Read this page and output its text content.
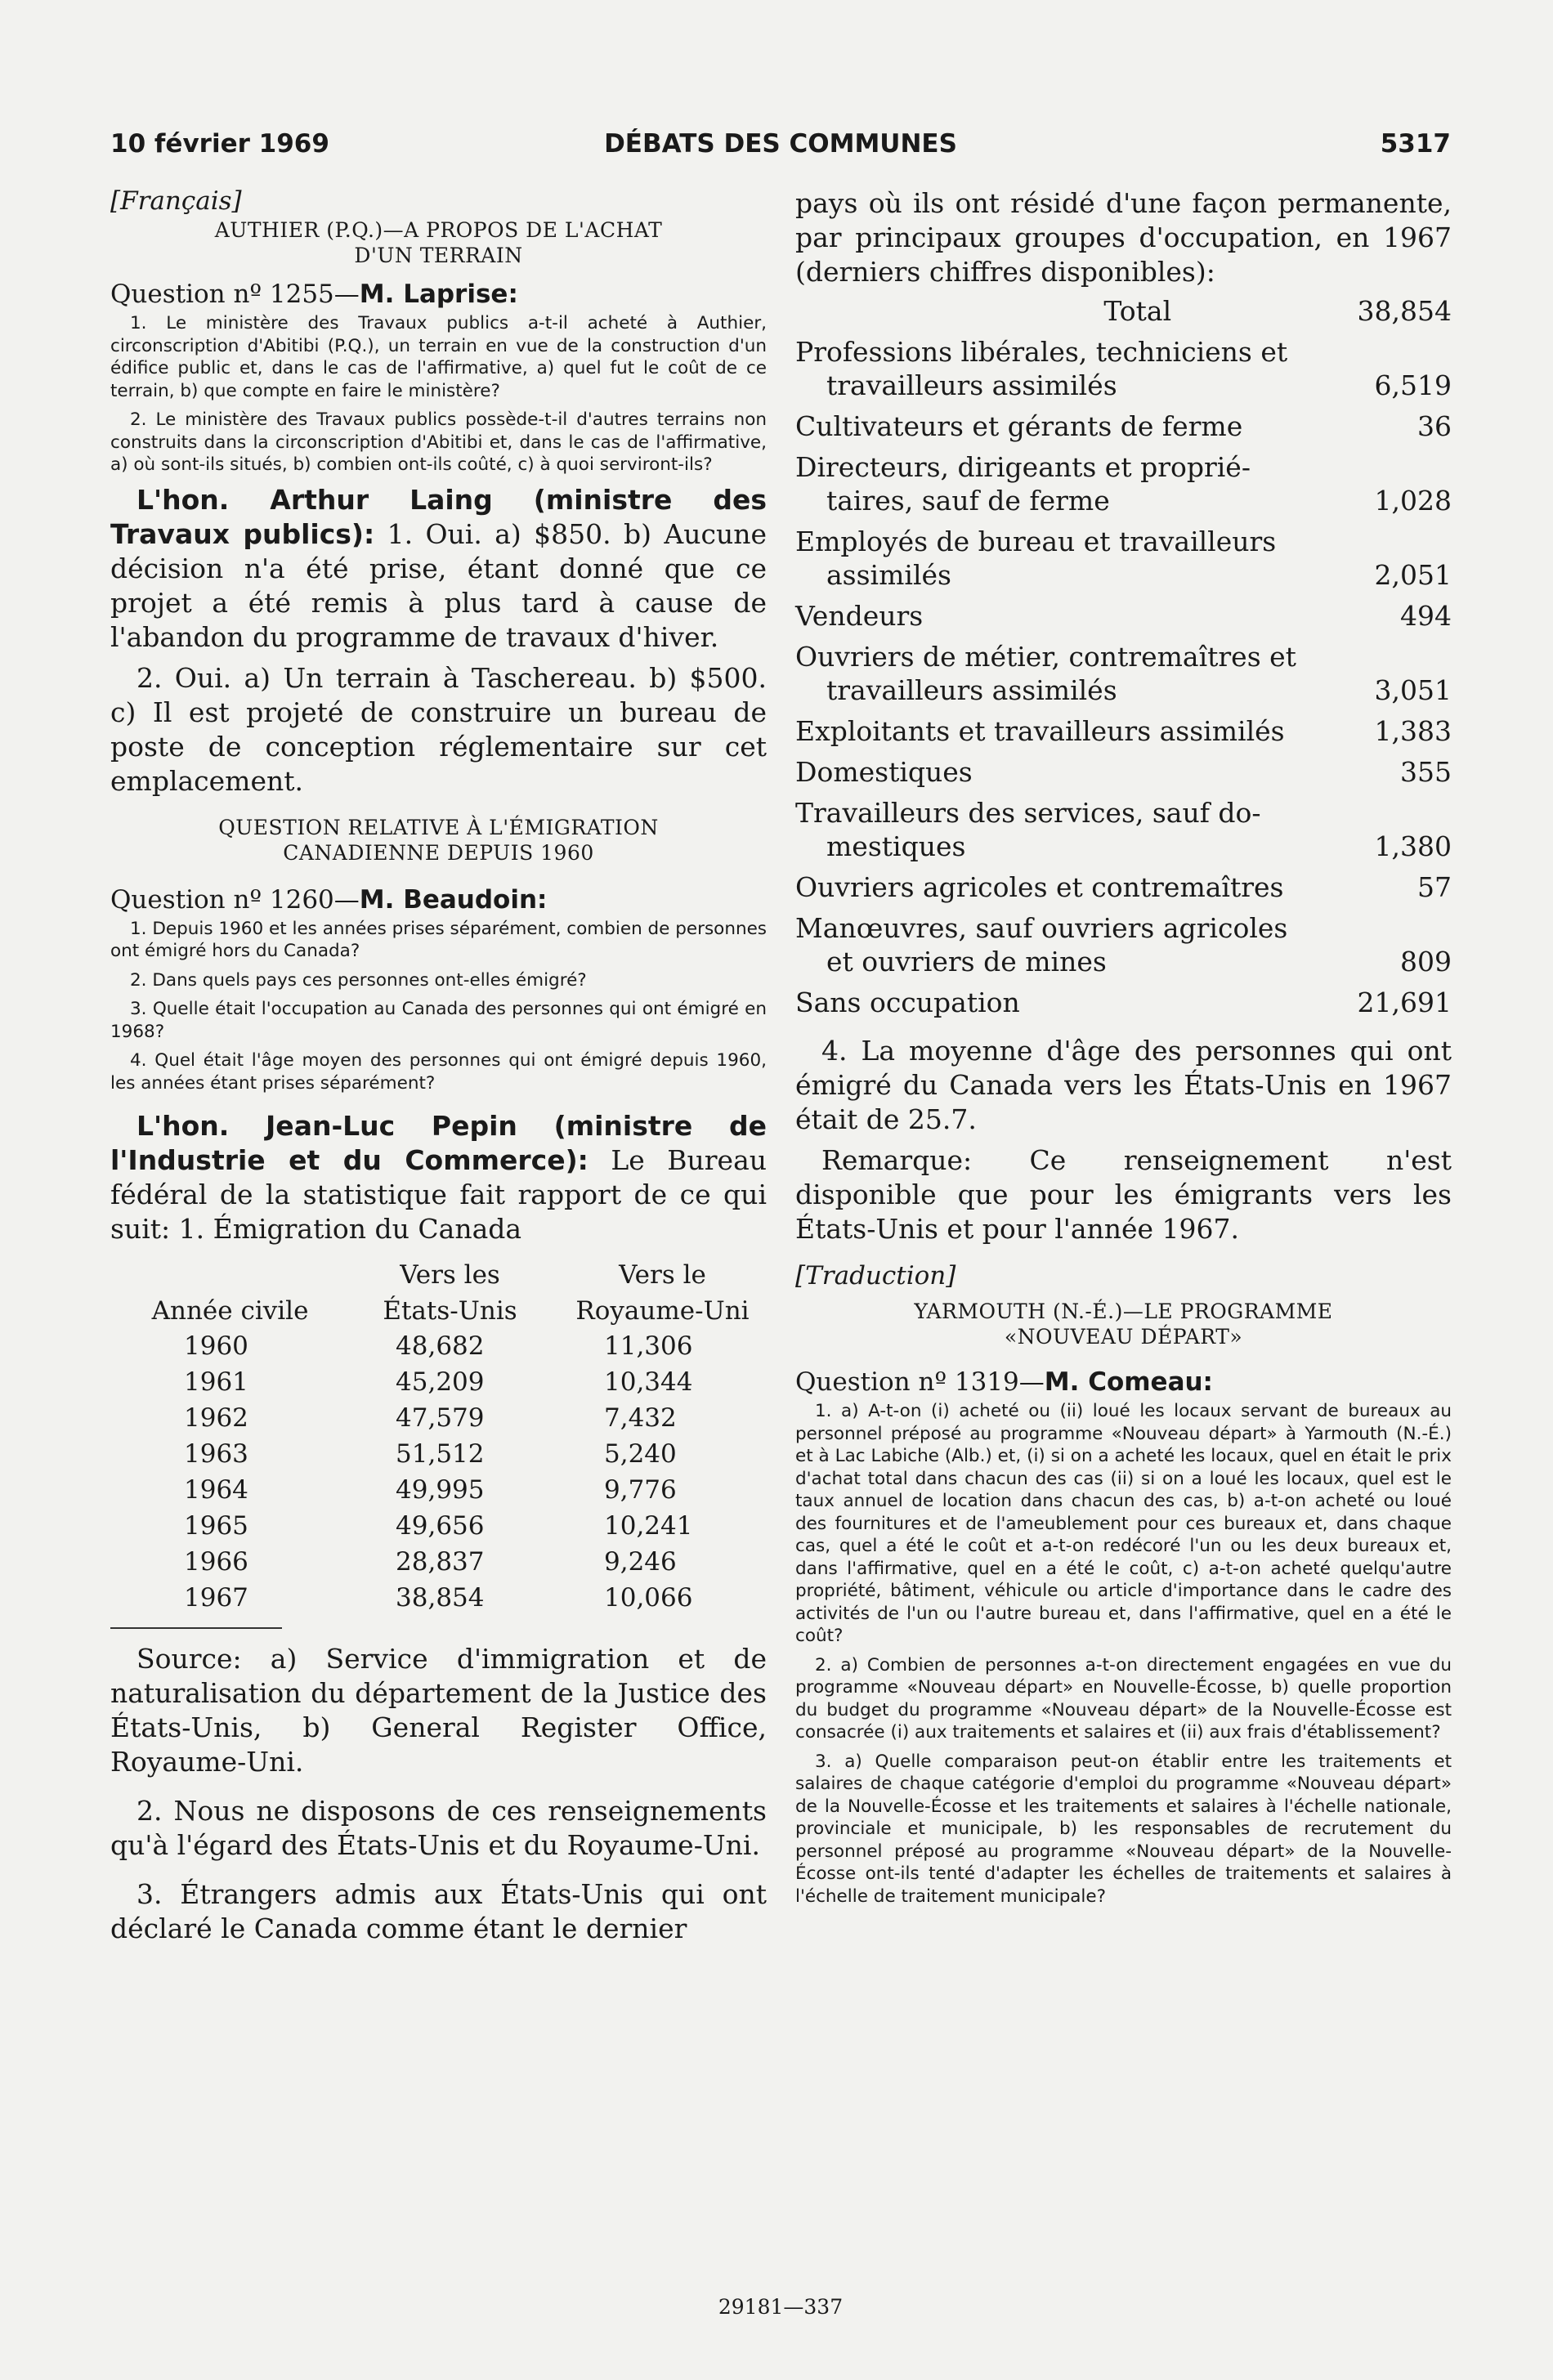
10 février 1969	DÉBATS DES COMMUNES	5317
[Français]
AUTHIER (P.Q.)—A PROPOS DE L'ACHAT
D'UN TERRAIN
Question nº 1255—M. Laprise:

1. Le ministère des Travaux publics a-t-il acheté à Authier, circonscription d'Abitibi (P.Q.), un terrain en vue de la construction d'un édifice public et, dans le cas de l'affirmative, a) quel fut le coût de ce terrain, b) que compte en faire le ministère?

2. Le ministère des Travaux publics possède-t-il d'autres terrains non construits dans la circonscription d'Abitibi et, dans le cas de l'affirmative, a) où sont-ils situés, b) combien ont-ils coûté, c) à quoi serviront-ils?

L'hon. Arthur Laing (ministre des Travaux publics): 1. Oui. a) $850. b) Aucune décision n'a été prise, étant donné que ce projet a été remis à plus tard à cause de l'abandon du programme de travaux d'hiver.

2. Oui. a) Un terrain à Taschereau. b) $500. c) Il est projeté de construire un bureau de poste de conception réglementaire sur cet emplacement.

QUESTION RELATIVE À L'ÉMIGRATION
CANADIENNE DEPUIS 1960
Question nº 1260—M. Beaudoin:

1. Depuis 1960 et les années prises séparément, combien de personnes ont émigré hors du Canada?

2. Dans quels pays ces personnes ont-elles émigré?

3. Quelle était l'occupation au Canada des personnes qui ont émigré en 1968?

4. Quel était l'âge moyen des personnes qui ont émigré depuis 1960, les années étant prises séparément?

L'hon. Jean-Luc Pepin (ministre de l'Industrie et du Commerce): Le Bureau fédéral de la statistique fait rapport de ce qui suit: 1. Émigration du Canada

	Vers les	Vers le
Année civile	États-Unis	Royaume-Uni
1960	48,682	11,306
1961	45,209	10,344
1962	47,579	7,432
1963	51,512	5,240
1964	49,995	9,776
1965	49,656	10,241
1966	28,837	9,246
1967	38,854	10,066

Source: a) Service d'immigration et de naturalisation du département de la Justice des États-Unis, b) General Register Office, Royaume-Uni.

2. Nous ne disposons de ces renseignements qu'à l'égard des États-Unis et du Royaume-Uni.

3. Étrangers admis aux États-Unis qui ont déclaré le Canada comme étant le dernier

pays où ils ont résidé d'une façon permanente, par principaux groupes d'occupation, en 1967 (derniers chiffres disponibles):

Total	38,854
Professions libérales, techniciens et
travailleurs assimilés	6,519
Cultivateurs et gérants de ferme	36
Directeurs, dirigeants et proprié-
taires, sauf de ferme	1,028
Employés de bureau et travailleurs
assimilés	2,051
Vendeurs	494
Ouvriers de métier, contremaîtres et
travailleurs assimilés	3,051
Exploitants et travailleurs assimilés	1,383
Domestiques	355
Travailleurs des services, sauf do-
mestiques	1,380
Ouvriers agricoles et contremaîtres	57
Manœuvres, sauf ouvriers agricoles
et ouvriers de mines	809
Sans occupation	21,691

4. La moyenne d'âge des personnes qui ont émigré du Canada vers les États-Unis en 1967 était de 25.7.

Remarque: Ce renseignement n'est disponible que pour les émigrants vers les États-Unis et pour l'année 1967.

[Traduction]
YARMOUTH (N.-É.)—LE PROGRAMME
«NOUVEAU DÉPART»
Question nº 1319—M. Comeau:

1. a) A-t-on (i) acheté ou (ii) loué les locaux servant de bureaux au personnel préposé au programme «Nouveau départ» à Yarmouth (N.-É.) et à Lac Labiche (Alb.) et, (i) si on a acheté les locaux, quel en était le prix d'achat total dans chacun des cas (ii) si on a loué les locaux, quel est le taux annuel de location dans chacun des cas, b) a-t-on acheté ou loué des fournitures et de l'ameublement pour ces bureaux et, dans chaque cas, quel a été le coût et a-t-on redécoré l'un ou les deux bureaux et, dans l'affirmative, quel en a été le coût, c) a-t-on acheté quelqu'autre propriété, bâtiment, véhicule ou article d'importance dans le cadre des activités de l'un ou l'autre bureau et, dans l'affirmative, quel en a été le coût?

2. a) Combien de personnes a-t-on directement engagées en vue du programme «Nouveau départ» en Nouvelle-Écosse, b) quelle proportion du budget du programme «Nouveau départ» de la Nouvelle-Écosse est consacrée (i) aux traitements et salaires et (ii) aux frais d'établissement?

3. a) Quelle comparaison peut-on établir entre les traitements et salaires de chaque catégorie d'emploi du programme «Nouveau départ» de la Nouvelle-Écosse et les traitements et salaires à l'échelle nationale, provinciale et municipale, b) les responsables de recrutement du personnel préposé au programme «Nouveau départ» de la Nouvelle-Écosse ont-ils tenté d'adapter les échelles de traitements et salaires à l'échelle de traitement municipale?

29181—337
